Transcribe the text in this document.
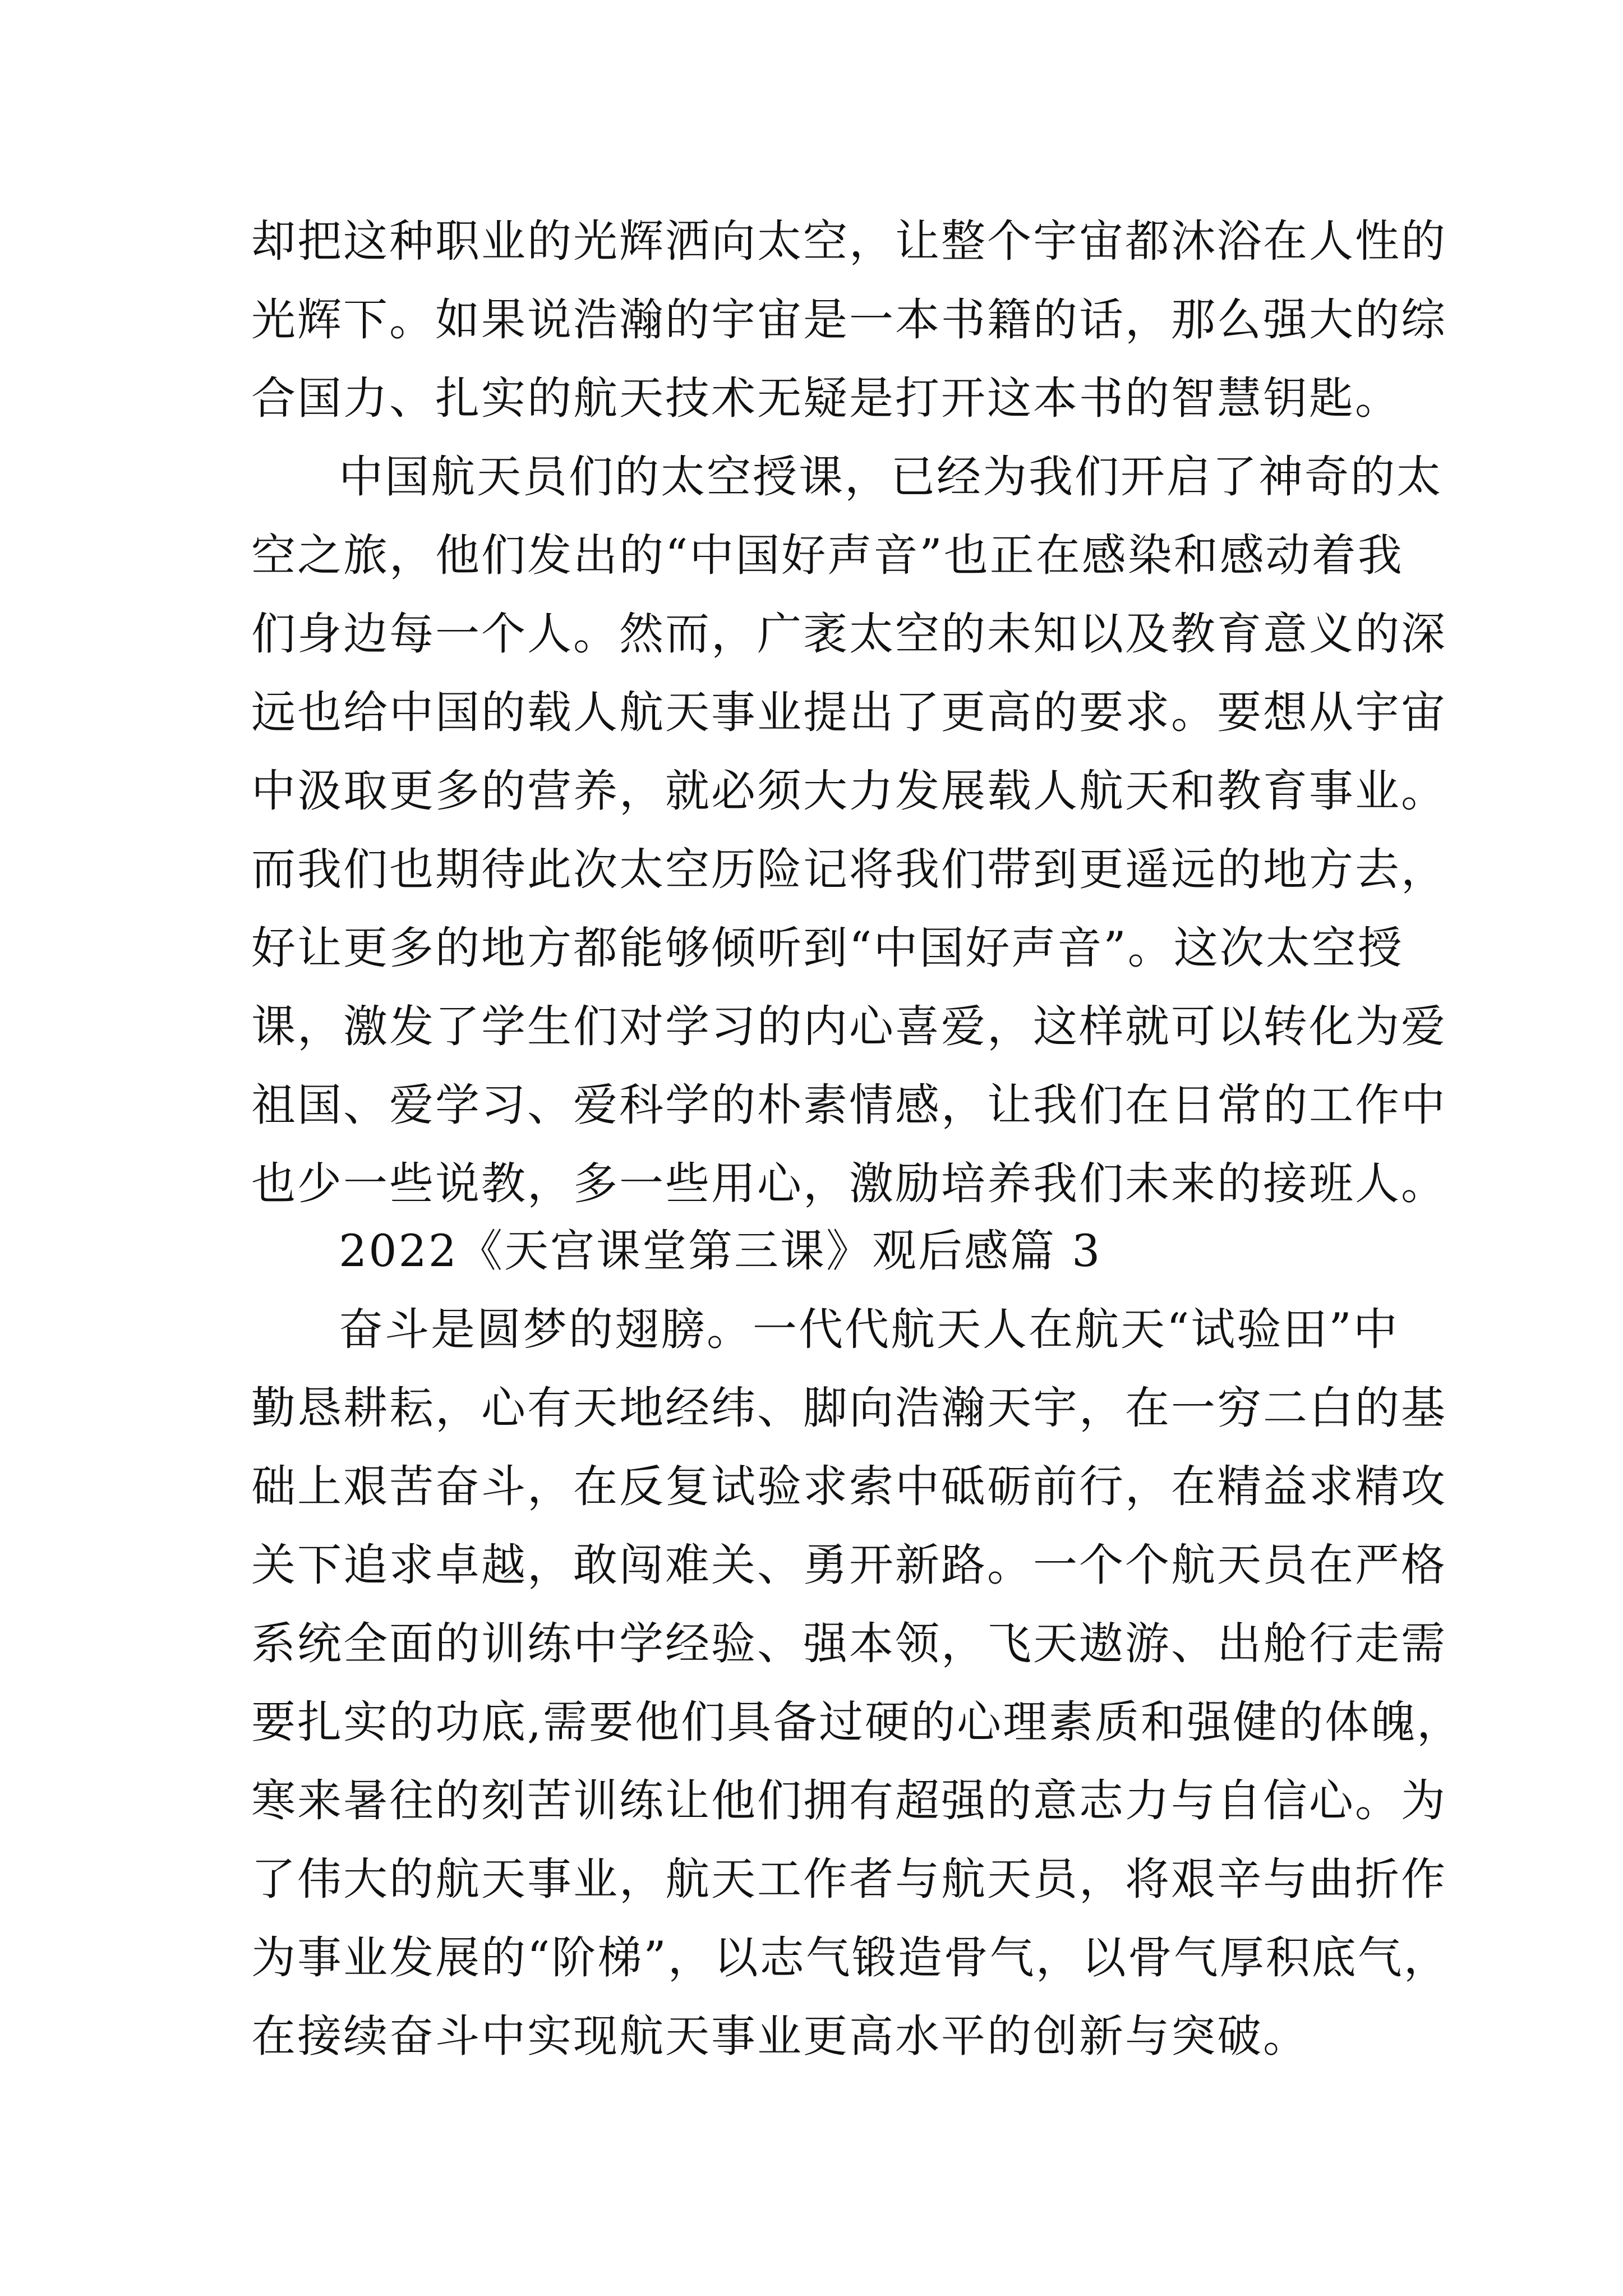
却把这种职业的光辉洒向太空，让整个宇宙都沐浴在人性的
光辉下。如果说浩瀚的宇宙是一本书籍的话，那么强大的综
合国力、扎实的航天技术无疑是打开这本书的智慧钥匙。
中国航天员们的太空授课，已经为我们开启了神奇的太
空之旅，他们发出的“中国好声音”也正在感染和感动着我
们身边每一个人。然而，广袤太空的未知以及教育意义的深
远也给中国的载人航天事业提出了更高的要求。要想从宇宙
中汲取更多的营养，就必须大力发展载人航天和教育事业。
而我们也期待此次太空历险记将我们带到更遥远的地方去，
好让更多的地方都能够倾听到“中国好声音”。这次太空授
课，激发了学生们对学习的内心喜爱，这样就可以转化为爱
祖国、爱学习、爱科学的朴素情感，让我们在日常的工作中
也少一些说教，多一些用心，激励培养我们未来的接班人。
2022《天宫课堂第三课》观后感篇 3
奋斗是圆梦的翅膀。一代代航天人在航天“试验田”中
勤恳耕耘，心有天地经纬、脚向浩瀚天宇，在一穷二白的基
础上艰苦奋斗，在反复试验求索中砥砺前行，在精益求精攻
关下追求卓越，敢闯难关、勇开新路。一个个航天员在严格
系统全面的训练中学经验、强本领，飞天遨游、出舱行走需
要扎实的功底,需要他们具备过硬的心理素质和强健的体魄，
寒来暑往的刻苦训练让他们拥有超强的意志力与自信心。为
了伟大的航天事业，航天工作者与航天员，将艰辛与曲折作
为事业发展的“阶梯”，以志气锻造骨气，以骨气厚积底气，
在接续奋斗中实现航天事业更高水平的创新与突破。
